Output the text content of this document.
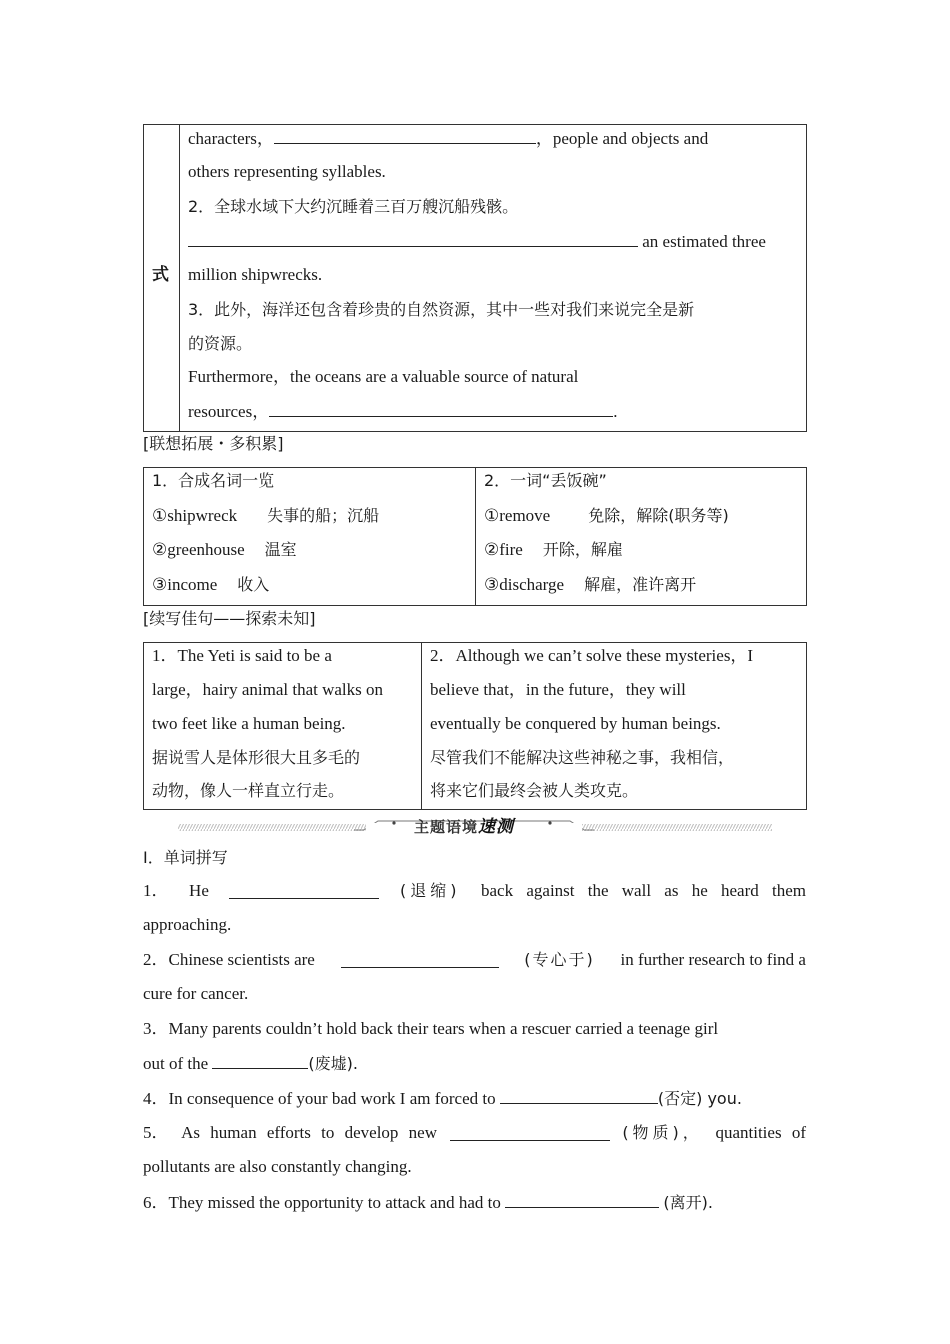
式
characters，	，people and objects and
others representing syllables.
2．全球水域下大约沉睡着三百万艘沉船残骸。
an estimated three
million shipwrecks.
3．此外，海洋还包含着珍贵的自然资源，其中一些对我们来说完全是新
的资源。
Furthermore，the oceans are a valuable source of natural
resources，	.
[联想拓展・多积累]
1．合成名词一览
①shipwreck 失事的船；沉船
②greenhouse 温室
③income 收入
2．一词“丢饭碗”
①remove 免除，解除(职务等)
②fire 开除，解雇
③discharge 解雇，准许离开
[续写佳句——探索未知]
1．The Yeti is said to be a
large，hairy animal that walks on
two feet like a human being.
据说雪人是体形很大且多毛的
动物，像人一样直立行走。
2．Although we can’t solve these mysteries，I
believe that，in the future，they will
eventually be conquered by human beings.
尽管我们不能解决这些神秘之事，我相信，
将来它们最终会被人类攻克。
主题语境速测
Ⅰ．单词拼写
1． He	(退缩) back against the wall as he heard them
approaching.
2．Chinese scientists are	(专心于) in further research to find a
cure for cancer.
3．Many parents couldn’t hold back their tears when a rescuer carried a teenage girl
out of the	(废墟).
4．In consequence of your bad work I am forced to	(否定) you.
5． As human efforts to develop new	(物质)， quantities of
pollutants are also constantly changing.
6．They missed the opportunity to attack and had to	(离开).
